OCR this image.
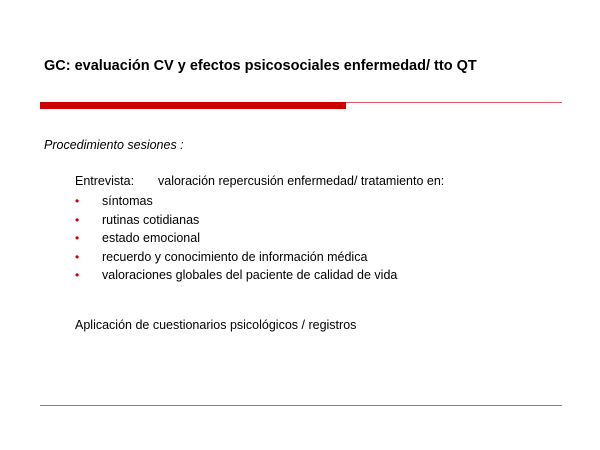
GC: evaluación CV y efectos psicosociales enfermedad/ tto QT
Procedimiento sesiones :
Entrevista: valoración repercusión enfermedad/ tratamiento en:
• síntomas
• rutinas cotidianas
• estado emocional
• recuerdo y conocimiento de información médica
• valoraciones globales del paciente de calidad de vida
Aplicación de cuestionarios psicológicos / registros
